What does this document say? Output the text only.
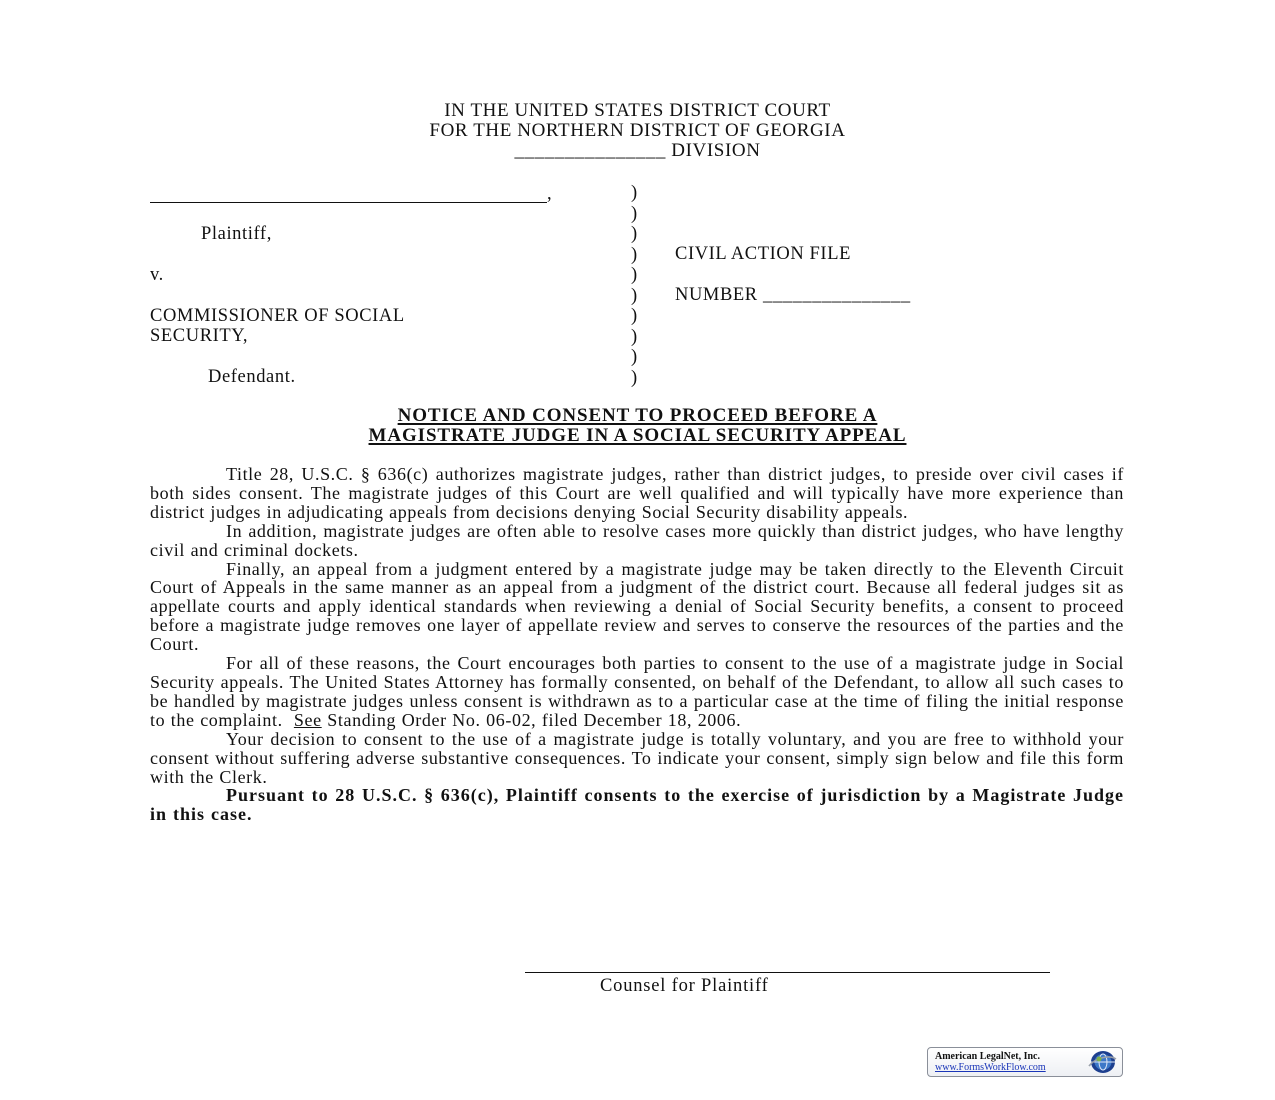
IN THE UNITED STATES DISTRICT COURT
FOR THE NORTHERN DISTRICT OF GEORGIA
_______________ DIVISION
,
Plaintiff,
v.
COMMISSIONER OF SOCIAL
SECURITY,
Defendant.
)
)
)
)
)
)
)
)
)
)
CIVIL ACTION FILE
NUMBER _______________
NOTICE AND CONSENT TO PROCEED BEFORE A
MAGISTRATE JUDGE IN A SOCIAL SECURITY APPEAL

Title 28, U.S.C. § 636(c) authorizes magistrate judges, rather than district judges, to preside over civil cases if both sides consent. The magistrate judges of this Court are well qualified and will typically have more experience than district judges in adjudicating appeals from decisions denying Social Security disability appeals.

In addition, magistrate judges are often able to resolve cases more quickly than district judges, who have lengthy civil and criminal dockets.

Finally, an appeal from a judgment entered by a magistrate judge may be taken directly to the Eleventh Circuit Court of Appeals in the same manner as an appeal from a judgment of the district court. Because all federal judges sit as appellate courts and apply identical standards when reviewing a denial of Social Security benefits, a consent to proceed before a magistrate judge removes one layer of appellate review and serves to conserve the resources of the parties and the Court.

For all of these reasons, the Court encourages both parties to consent to the use of a magistrate judge in Social Security appeals. The United States Attorney has formally consented, on behalf of the Defendant, to allow all such cases to be handled by magistrate judges unless consent is withdrawn as to a particular case at the time of filing the initial response to the complaint. See Standing Order No. 06-02, filed December 18, 2006.

Your decision to consent to the use of a magistrate judge is totally voluntary, and you are free to withhold your consent without suffering adverse substantive consequences. To indicate your consent, simply sign below and file this form with the Clerk.

Pursuant to 28 U.S.C. § 636(c), Plaintiff consents to the exercise of jurisdiction by a Magistrate Judge in this case.

Counsel for Plaintiff
American LegalNet, Inc.
www.FormsWorkFlow.com
